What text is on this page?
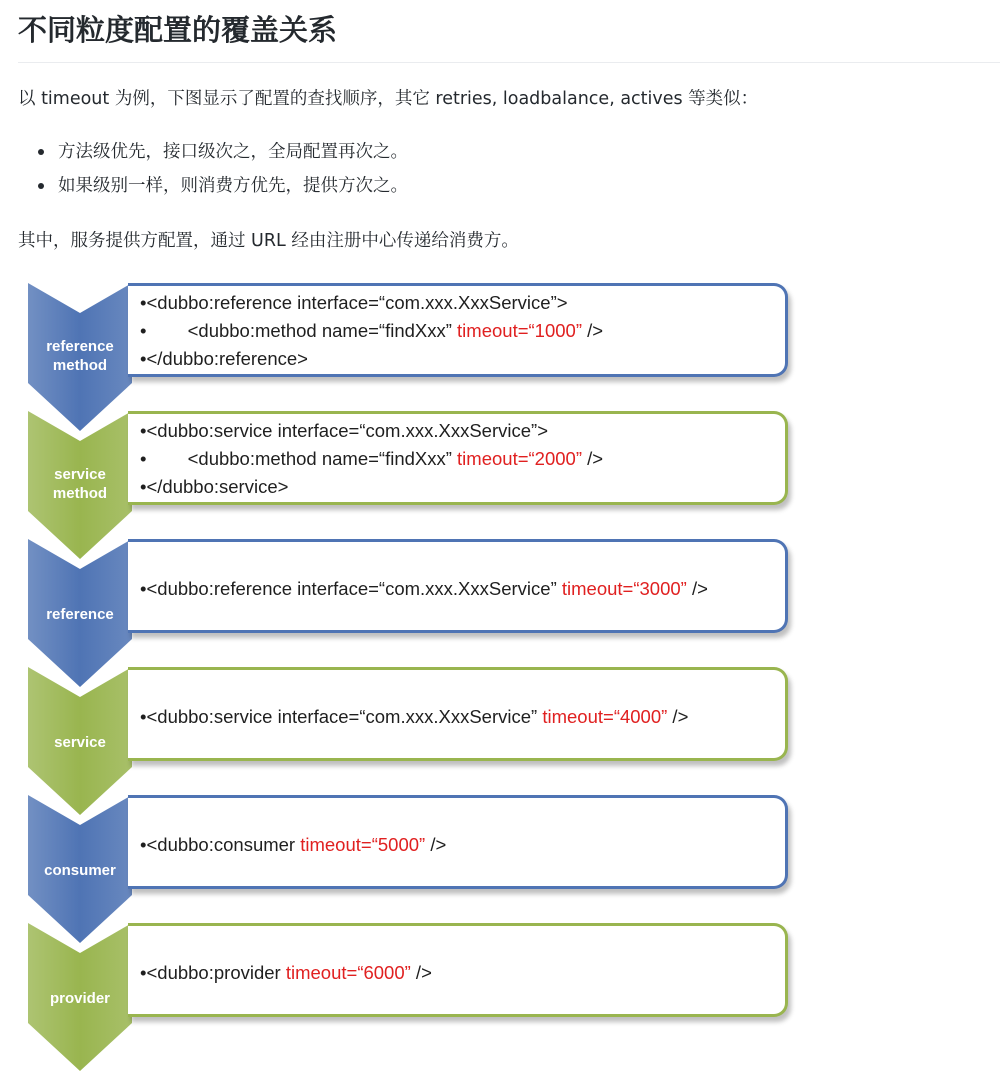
不同粒度配置的覆盖关系

以 timeout 为例，下图显示了配置的查找顺序，其它 retries, loadbalance, actives 等类似：

方法级优先，接口级次之，全局配置再次之。
如果级别一样，则消费方优先，提供方次之。

其中，服务提供方配置，通过 URL 经由注册中心传递给消费方。

reference
method
•<dubbo:reference interface=“com.xxx.XxxService”>
•        <dubbo:method name=“findXxx” timeout=“1000” />
•</dubbo:reference>
service
method
•<dubbo:service interface=“com.xxx.XxxService”>
•        <dubbo:method name=“findXxx” timeout=“2000” />
•</dubbo:service>
reference
•<dubbo:reference interface=“com.xxx.XxxService” timeout=“3000” />
service
•<dubbo:service interface=“com.xxx.XxxService” timeout=“4000” />
consumer
•<dubbo:consumer timeout=“5000” />
provider
•<dubbo:provider timeout=“6000” />
